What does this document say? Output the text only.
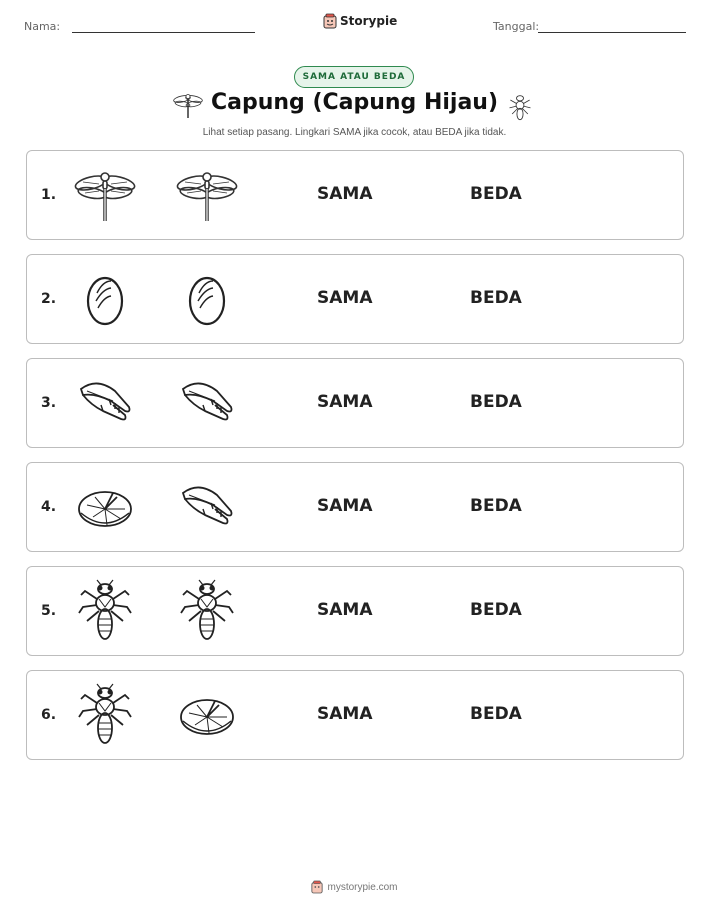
Nama:	Storypie	Tanggal:
SAMA ATAU BEDA
Capung (Capung Hijau)
Lihat setiap pasang. Lingkari SAMA jika cocok, atau BEDA jika tidak.
1.	SAMA	BEDA
2.	SAMA	BEDA
3.	SAMA	BEDA
4.	SAMA	BEDA
5.	SAMA	BEDA
6.	SAMA	BEDA
mystorypie.com
